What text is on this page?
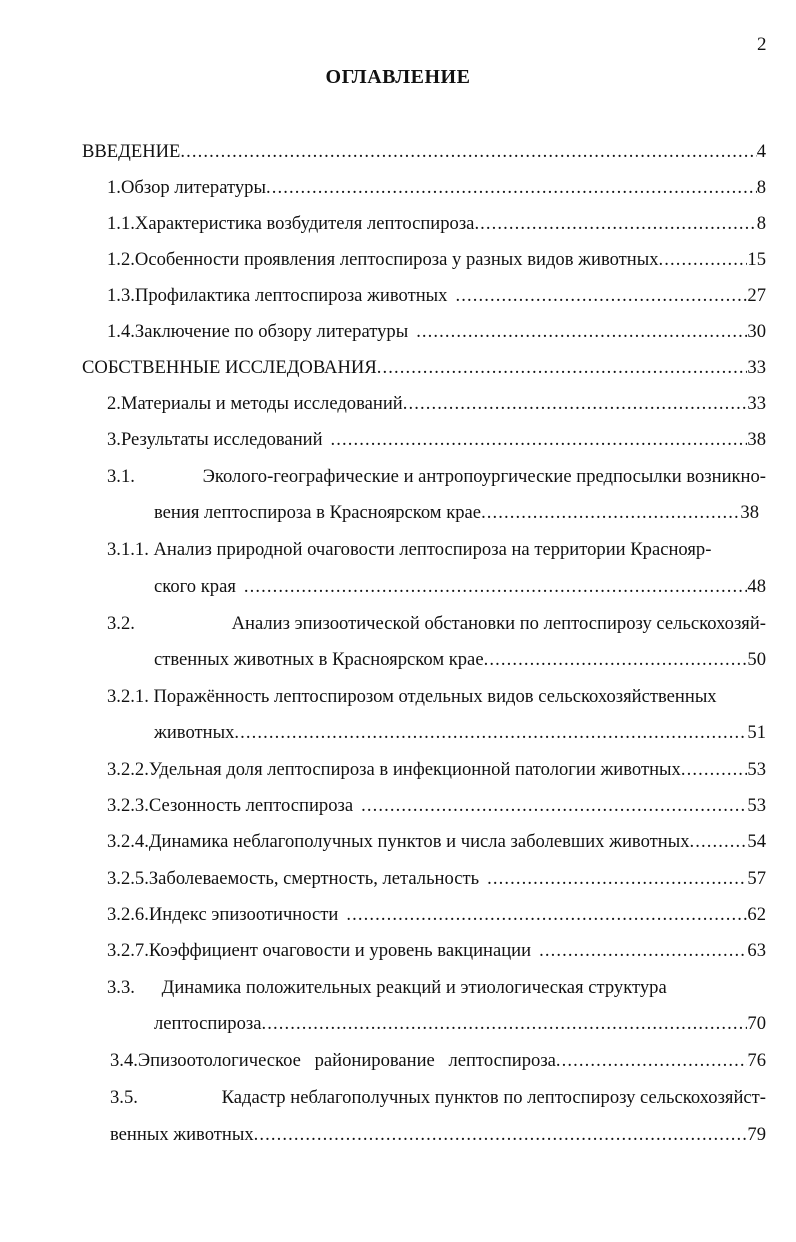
2
ОГЛАВЛЕНИЕ
ВВЕДЕНИЕ .....	4
1. Обзор литературы .....	8
1.1. Характеристика возбудителя лептоспироза .....	8
1.2. Особенности проявления лептоспироза у разных видов животных .....	15
1.3. Профилактика лептоспироза животных .....	27
1.4. Заключение по обзору литературы .....	30
СОБСТВЕННЫЕ ИССЛЕДОВАНИЯ .....	33
2. Материалы и методы исследований .....	33
3. Результаты исследований .....	38
3.1.	Эколого-географические и антропоургические предпосылки возникно-
вения лептоспироза в Красноярском крае .....	38
3.1.1. Анализ природной очаговости лептоспироза на территории Краснояр-
ского края .....	48
3.2.	Анализ эпизоотической обстановки по лептоспирозу сельскохозяй-
ственных животных в Красноярском крае .....	50
3.2.1. Поражённость лептоспирозом отдельных видов сельскохозяйственных
животных .....	51
3.2.2. Удельная доля лептоспироза в инфекционной патологии животных .....	53
3.2.3. Сезонность лептоспироза .....	53
3.2.4. Динамика неблагополучных пунктов и числа заболевших животных .....	54
3.2.5. Заболеваемость, смертность, летальность .....	57
3.2.6. Индекс эпизоотичности .....	62
3.2.7. Коэффициент очаговости и уровень вакцинации .....	63
3.3. Динамика положительных реакций и этиологическая структура
лептоспироза .....	70
3.4. Эпизоотологическое районирование лептоспироза .....	76
3.5.	Кадастр неблагополучных пунктов по лептоспирозу сельскохозяйст-
венных животных .....	79
